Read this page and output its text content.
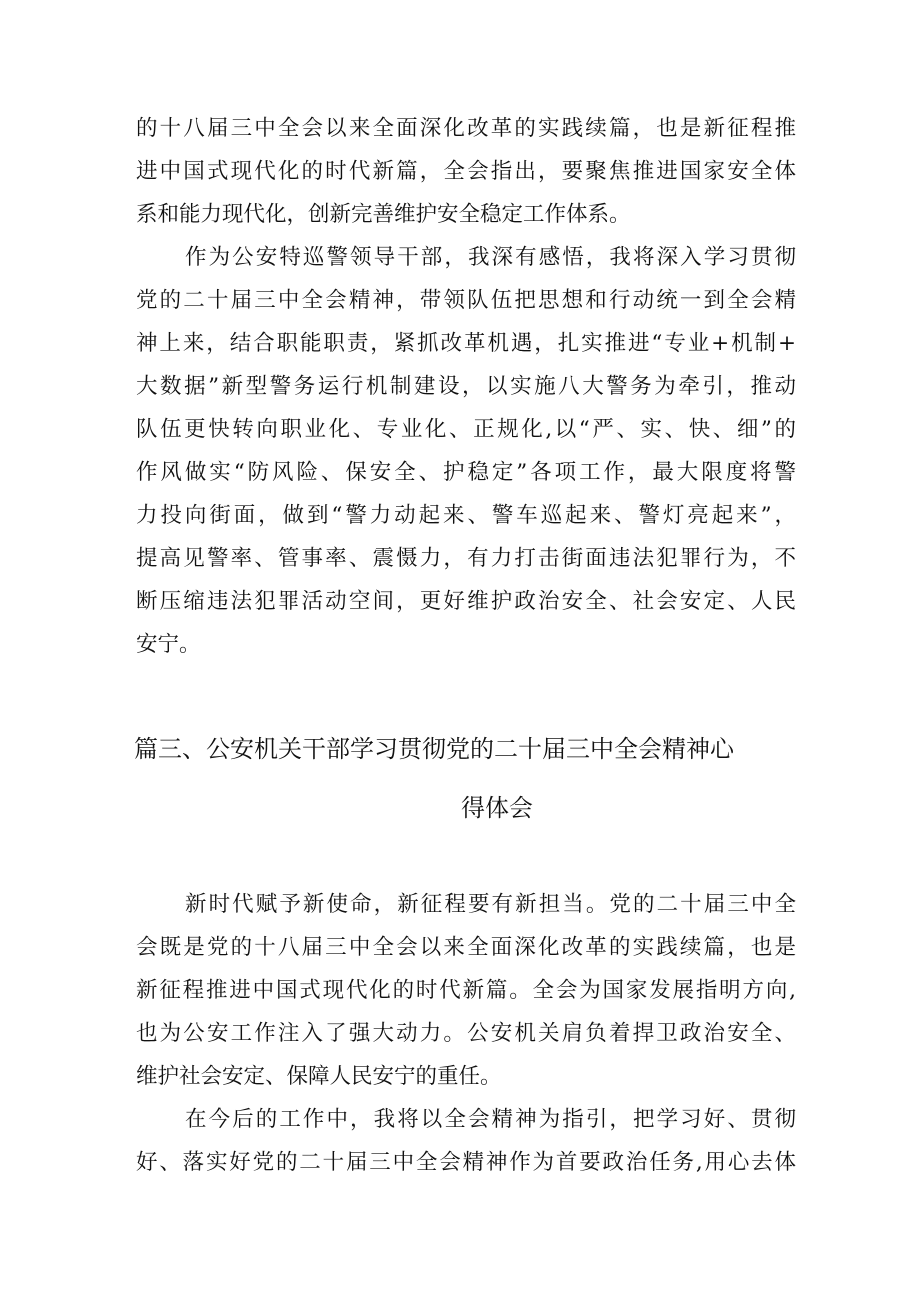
的十八届三中全会以来全面深化改革的实践续篇，也是新征程推
进中国式现代化的时代新篇，全会指出，要聚焦推进国家安全体
系和能力现代化，创新完善维护安全稳定工作体系。
作为公安特巡警领导干部，我深有感悟，我将深入学习贯彻
党的二十届三中全会精神，带领队伍把思想和行动统一到全会精
神上来，结合职能职责，紧抓改革机遇，扎实推进“专业+机制+
大数据”新型警务运行机制建设，以实施八大警务为牵引，推动
队伍更快转向职业化、专业化、正规化,以“严、实、快、细”的
作风做实“防风险、保安全、护稳定”各项工作，最大限度将警
力投向街面，做到“警力动起来、警车巡起来、警灯亮起来”，
提高见警率、管事率、震慑力，有力打击街面违法犯罪行为，不
断压缩违法犯罪活动空间，更好维护政治安全、社会安定、人民
安宁。
篇三、公安机关干部学习贯彻党的二十届三中全会精神心
得体会
新时代赋予新使命，新征程要有新担当。党的二十届三中全
会既是党的十八届三中全会以来全面深化改革的实践续篇，也是
新征程推进中国式现代化的时代新篇。全会为国家发展指明方向,
也为公安工作注入了强大动力。公安机关肩负着捍卫政治安全、
维护社会安定、保障人民安宁的重任。
在今后的工作中，我将以全会精神为指引，把学习好、贯彻
好、落实好党的二十届三中全会精神作为首要政治任务,用心去体
